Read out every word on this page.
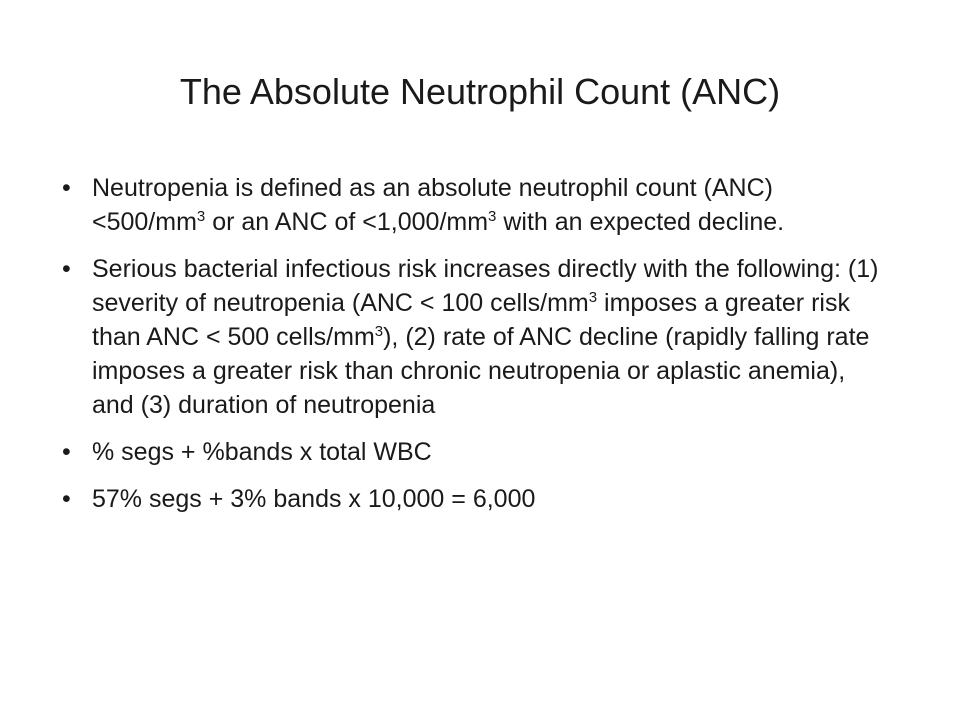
The Absolute Neutrophil Count (ANC)
• Neutropenia is defined as an absolute neutrophil count $(ANC) <500/mm^3$ or an ANC of $<1,000/mm^3$ with an expected decline.
• Serious bacterial infectious risk increases directly with the following: (1) severity of neutropenia (ANC < 100 cells/$mm^3$ imposes a greater risk than ANC < 500 cells/$mm^3$), (2) rate of ANC decline (rapidly falling rate imposes a greater risk than chronic neutropenia or aplastic anemia), and (3) duration of neutropenia
• % segs + %bands x total WBC
• 57% segs + 3% bands x 10,000 = 6,000
